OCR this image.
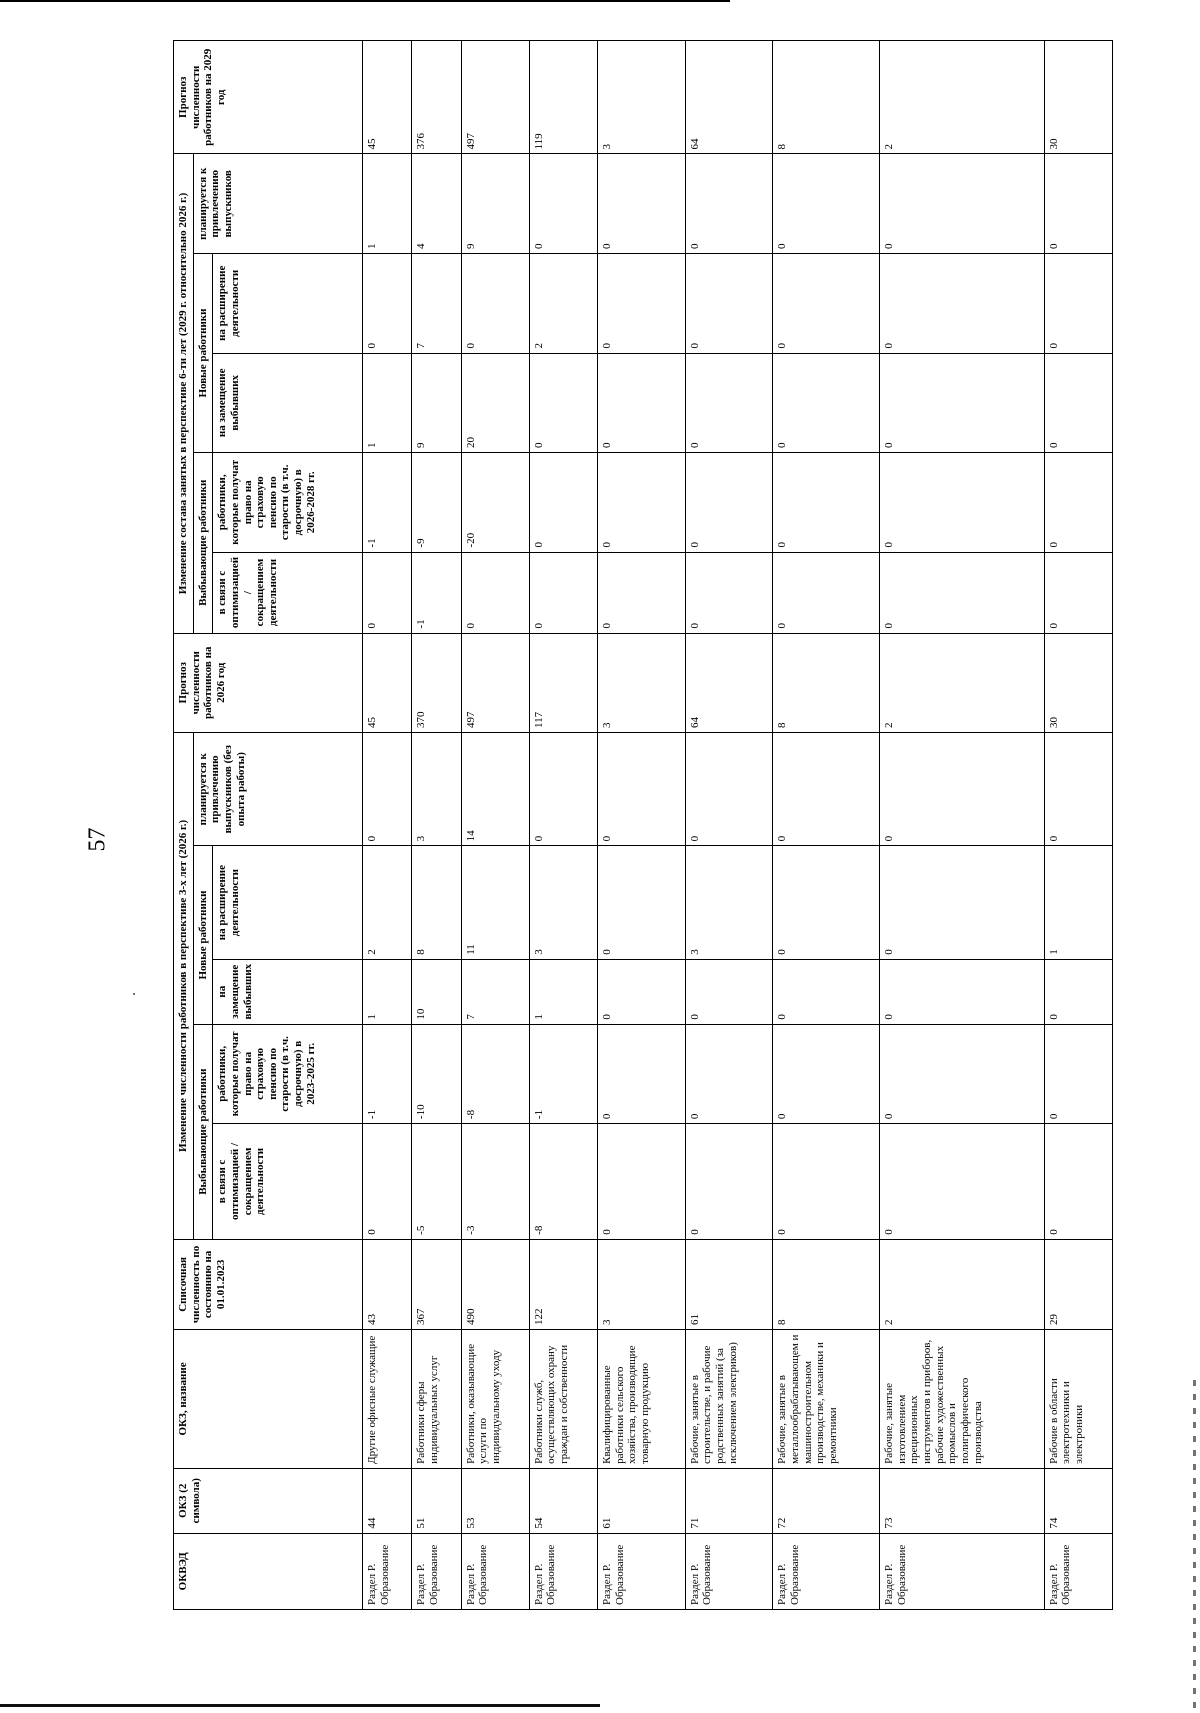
57
ОКВЭД	ОКЗ (2 символа)	ОКЗ, название	Списочная численность по состоянию на 01.01.2023	Изменение численности работников в перспективе 3-х лет (2026 г.)					Прогноз численности работников на 2026 год	Изменение состава занятых в перспективе 6-ти лет (2029 г. относительно 2026 г.)					Прогноз численности работников на 2029 год
				Выбывающие работники		Новые работники		планируется к привлечению выпускников (без опыта работы)		Выбывающие работники		Новые работники		планируется к привлечению выпускников	
				в связи с оптимизацией / сокращением деятельности	работники, которые получат право на страховую пенсию по старости (в т.ч. досрочную) в 2023-2025 гг.	на замещение выбывших	на расширение деятельности			в связи с оптимизацией / сокращением деятельности	работники, которые получат право на страховую пенсию по старости (в т.ч. досрочную) в 2026-2028 гг.	на замещение выбывших	на расширение деятельности		
Раздел Р. Образование	44	Другие офисные служащие	43	0	-1	1	2	0	45	0	-1	1	0	1	45
Раздел Р. Образование	51	Работники сферы индивидуальных услуг	367	-5	-10	10	8	3	370	-1	-9	9	7	4	376
Раздел Р. Образование	53	Работники, оказывающие услуги по индивидуальному уходу	490	-3	-8	7	11	14	497	0	-20	20	0	9	497
Раздел Р. Образование	54	Работники служб, осуществляющих охрану граждан и собственности	122	-8	-1	1	3	0	117	0	0	0	2	0	119
Раздел Р. Образование	61	Квалифицированные работники сельского хозяйства, производящие товарную продукцию	3	0	0	0	0	0	3	0	0	0	0	0	3
Раздел Р. Образование	71	Рабочие, занятые в строительстве, и рабочие родственных занятий (за исключением электриков)	61	0	0	0	3	0	64	0	0	0	0	0	64
Раздел Р. Образование	72	Рабочие, занятые в металлообрабатывающем и машиностроительном производстве, механики и ремонтники	8	0	0	0	0	0	8	0	0	0	0	0	8
Раздел Р. Образование	73	Рабочие, занятые изготовлением прецизионных инструментов и приборов, рабочие художественных промыслов и полиграфического производства	2	0	0	0	0	0	2	0	0	0	0	0	2
Раздел Р. Образование	74	Рабочие в области электротехники и электроники	29	0	0	0	1	0	30	0	0	0	0	0	30
